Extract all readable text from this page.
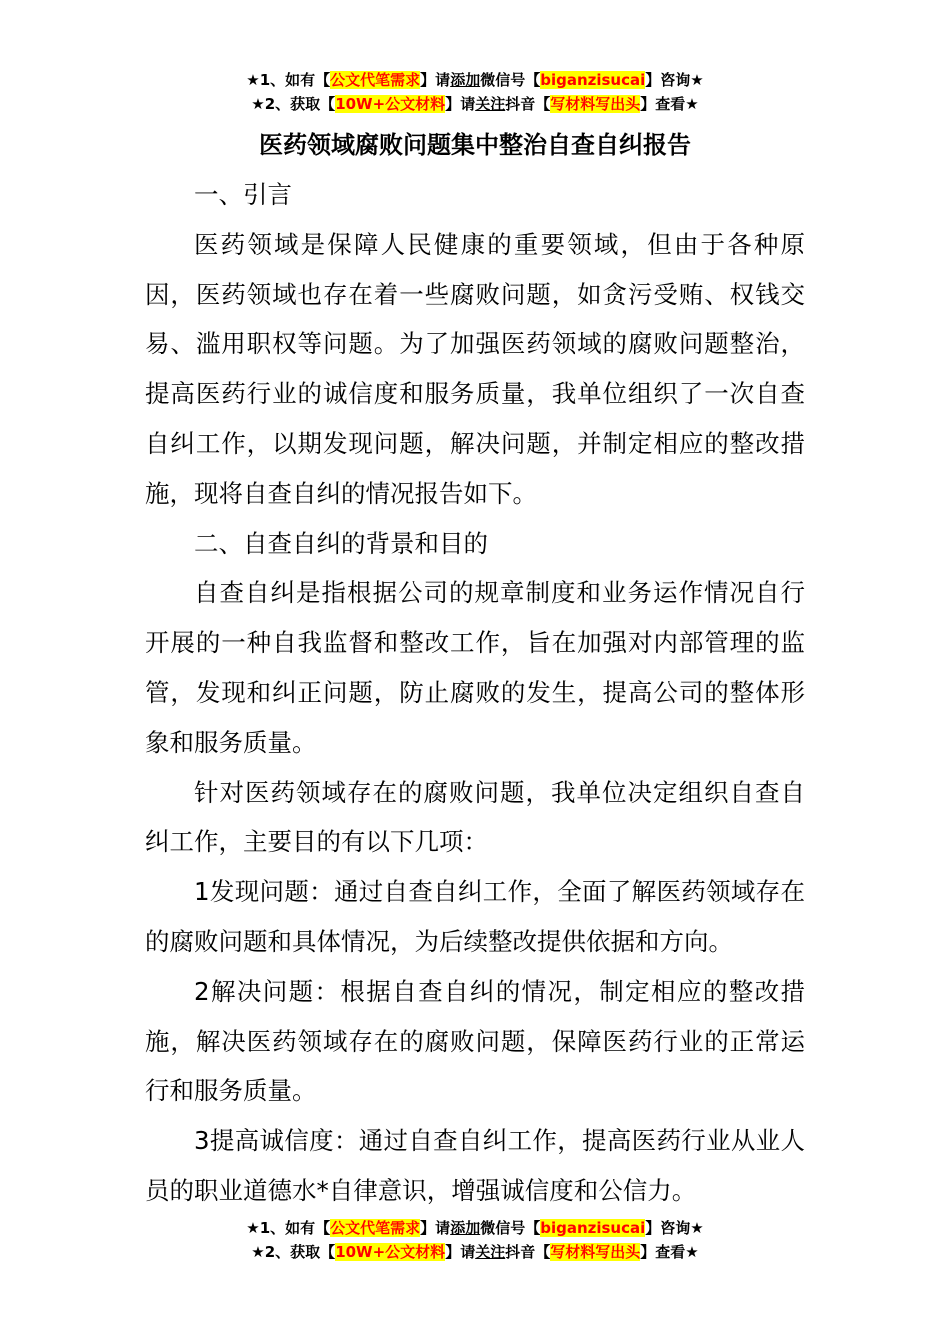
★1、如有【公文代笔需求】请添加微信号【biganzisucai】咨询★
★2、获取【10W+公文材料】请关注抖音【写材料写出头】查看★
医药领域腐败问题集中整治自查自纠报告

一、引言

医药领域是保障人民健康的重要领域，但由于各种原因，医药领域也存在着一些腐败问题，如贪污受贿、权钱交易、滥用职权等问题。为了加强医药领域的腐败问题整治，提高医药行业的诚信度和服务质量，我单位组织了一次自查自纠工作，以期发现问题，解决问题，并制定相应的整改措施，现将自查自纠的情况报告如下。

二、自查自纠的背景和目的

自查自纠是指根据公司的规章制度和业务运作情况自行开展的一种自我监督和整改工作，旨在加强对内部管理的监管，发现和纠正问题，防止腐败的发生，提高公司的整体形象和服务质量。

针对医药领域存在的腐败问题，我单位决定组织自查自纠工作，主要目的有以下几项：

1发现问题：通过自查自纠工作，全面了解医药领域存在的腐败问题和具体情况，为后续整改提供依据和方向。

2解决问题：根据自查自纠的情况，制定相应的整改措施，解决医药领域存在的腐败问题，保障医药行业的正常运行和服务质量。

3提高诚信度：通过自查自纠工作，提高医药行业从业人员的职业道德水*自律意识，增强诚信度和公信力。

★1、如有【公文代笔需求】请添加微信号【biganzisucai】咨询★
★2、获取【10W+公文材料】请关注抖音【写材料写出头】查看★
